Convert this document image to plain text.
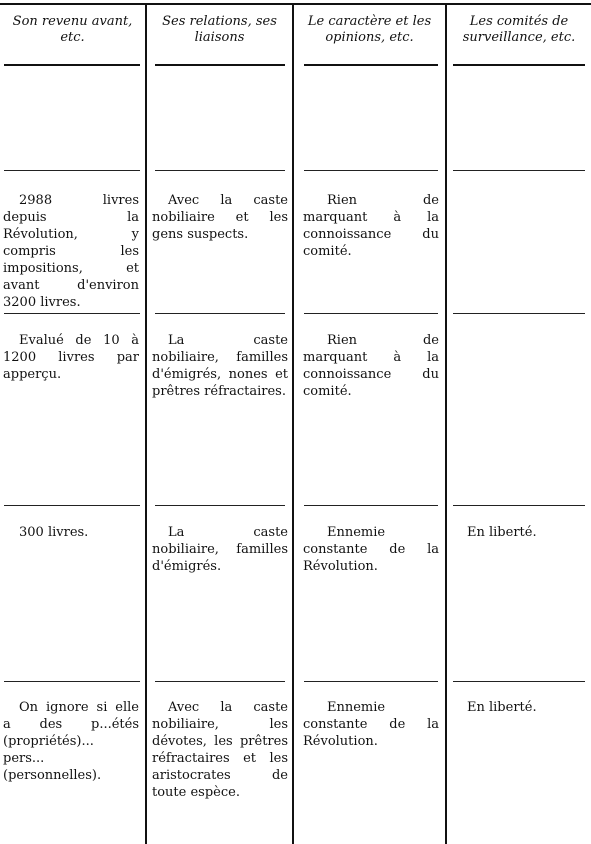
Son revenu avant, etc.
2988 livres depuis la Révolution, y compris les impositions, et avant d'environ 3200 livres.
Evalué de 10 à 1200 livres par apperçu.
300 livres.
On ignore si elle a des p...étés (propriétés)... pers... (personnelles).
Ses relations, ses liaisons
Avec la caste nobiliaire et les gens suspects.
La caste nobiliaire, familles d'émigrés, nones et prêtres réfractaires.
La caste nobiliaire, familles d'émigrés.
Avec la caste nobiliaire, les dévotes, les prêtres réfractaires et les aristocrates de toute espèce.
Le caractère et les opinions, etc.
Rien de marquant à la connoissance du comité.
Rien de marquant à la connoissance du comité.
Ennemie constante de la Révolution.
Ennemie constante de la Révolution.
Les comités de surveillance, etc.
En liberté.
En liberté.
